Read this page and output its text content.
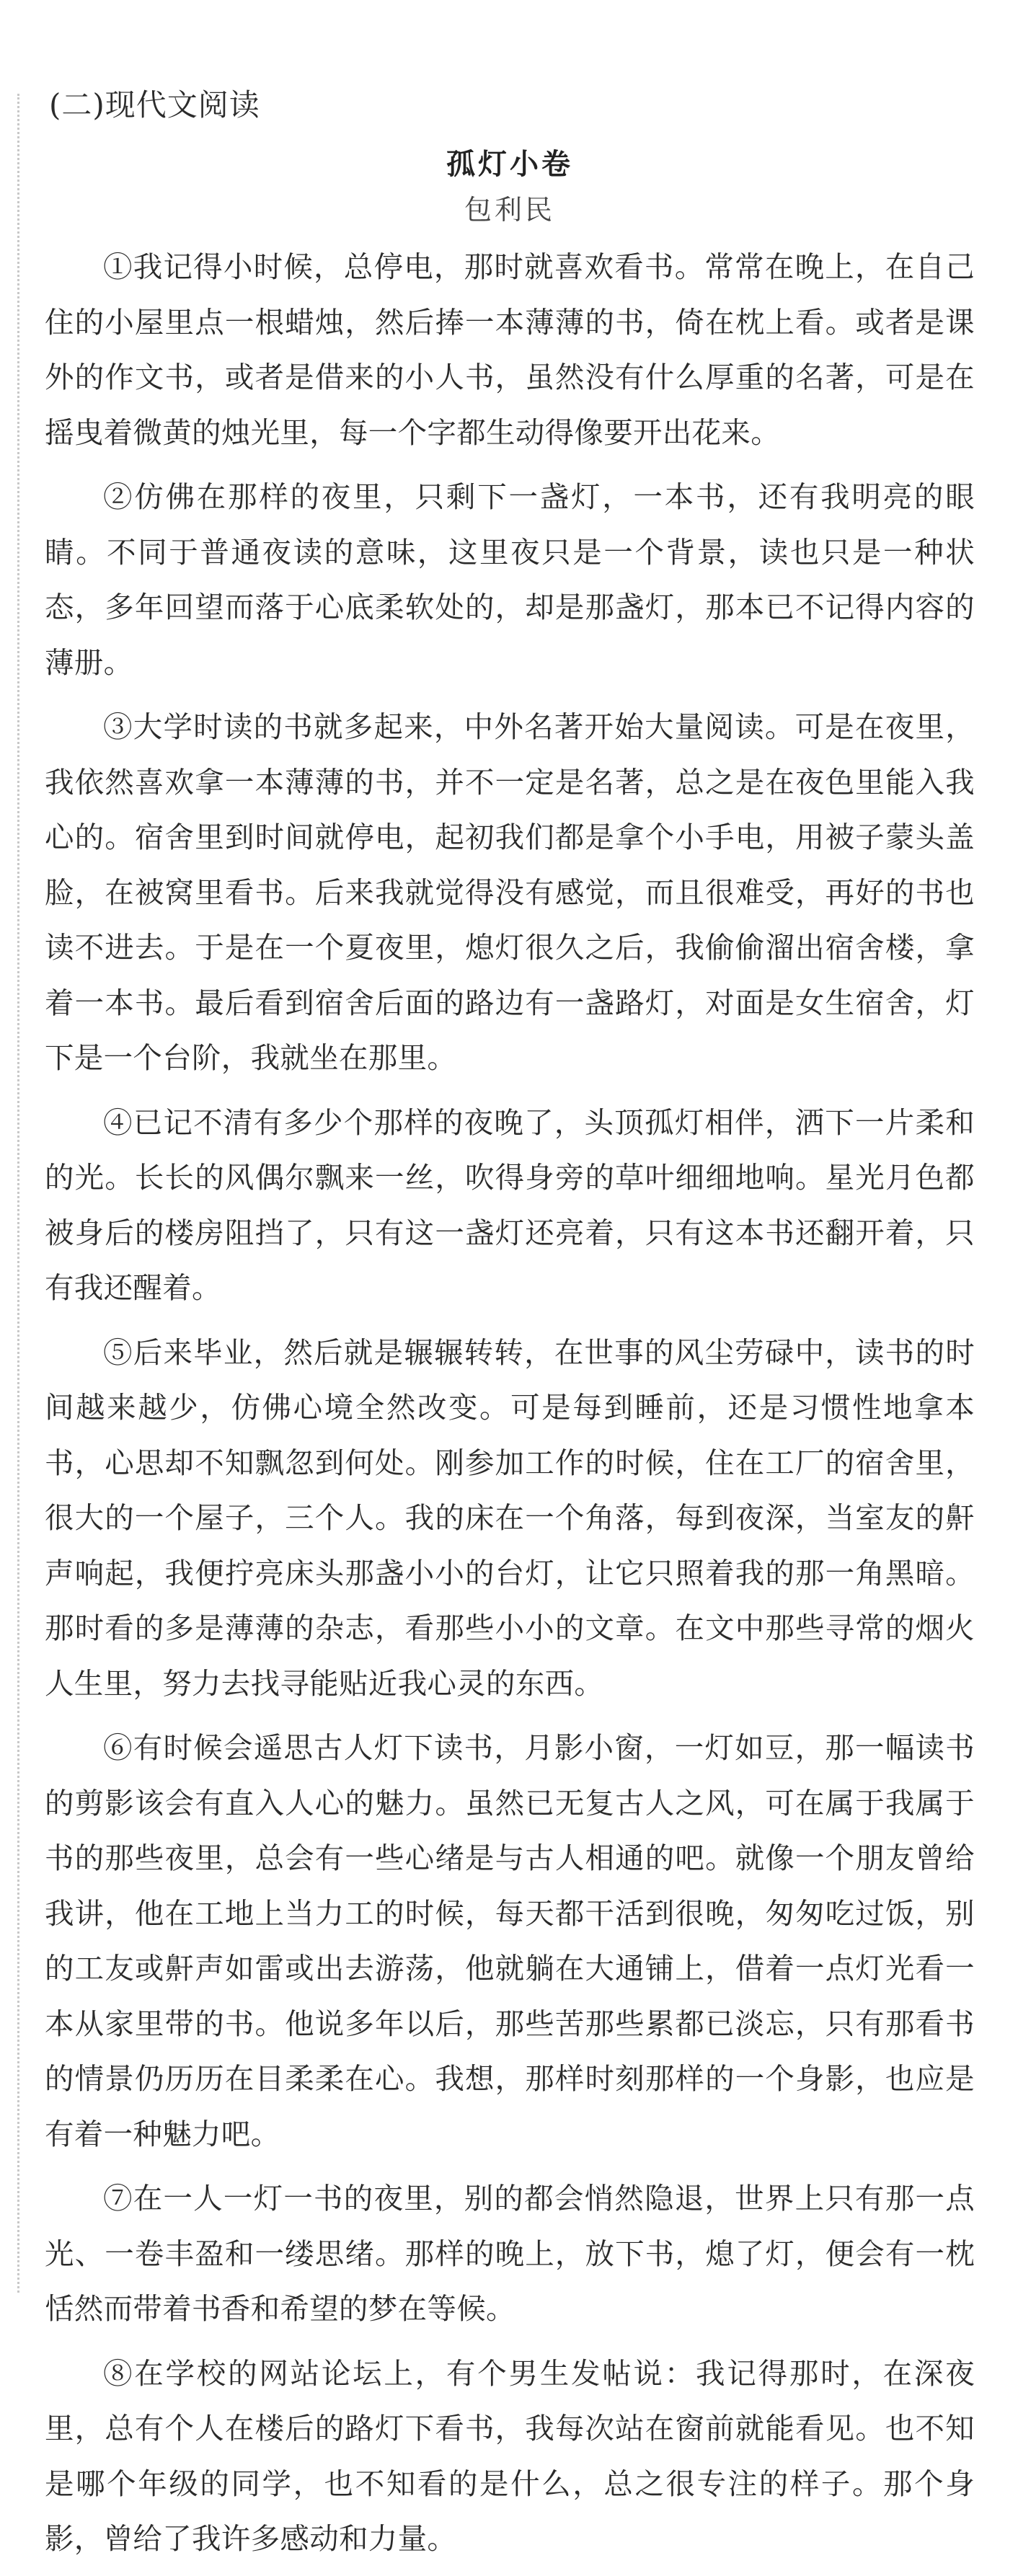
(二)现代文阅读
孤灯小卷
包利民

①我记得小时候，总停电，那时就喜欢看书。常常在晚上，在自己住的小屋里点一根蜡烛，然后捧一本薄薄的书，倚在枕上看。或者是课外的作文书，或者是借来的小人书，虽然没有什么厚重的名著，可是在摇曳着微黄的烛光里，每一个字都生动得像要开出花来。

②仿佛在那样的夜里，只剩下一盏灯，一本书，还有我明亮的眼睛。不同于普通夜读的意味，这里夜只是一个背景，读也只是一种状态，多年回望而落于心底柔软处的，却是那盏灯，那本已不记得内容的薄册。

③大学时读的书就多起来，中外名著开始大量阅读。可是在夜里，我依然喜欢拿一本薄薄的书，并不一定是名著，总之是在夜色里能入我心的。宿舍里到时间就停电，起初我们都是拿个小手电，用被子蒙头盖脸，在被窝里看书。后来我就觉得没有感觉，而且很难受，再好的书也读不进去。于是在一个夏夜里，熄灯很久之后，我偷偷溜出宿舍楼，拿着一本书。最后看到宿舍后面的路边有一盏路灯，对面是女生宿舍，灯下是一个台阶，我就坐在那里。

④已记不清有多少个那样的夜晚了，头顶孤灯相伴，洒下一片柔和的光。长长的风偶尔飘来一丝，吹得身旁的草叶细细地响。星光月色都被身后的楼房阻挡了，只有这一盏灯还亮着，只有这本书还翻开着，只有我还醒着。

⑤后来毕业，然后就是辗辗转转，在世事的风尘劳碌中，读书的时间越来越少，仿佛心境全然改变。可是每到睡前，还是习惯性地拿本书，心思却不知飘忽到何处。刚参加工作的时候，住在工厂的宿舍里，很大的一个屋子，三个人。我的床在一个角落，每到夜深，当室友的鼾声响起，我便拧亮床头那盏小小的台灯，让它只照着我的那一角黑暗。那时看的多是薄薄的杂志，看那些小小的文章。在文中那些寻常的烟火人生里，努力去找寻能贴近我心灵的东西。

⑥有时候会遥思古人灯下读书，月影小窗，一灯如豆，那一幅读书的剪影该会有直入人心的魅力。虽然已无复古人之风，可在属于我属于书的那些夜里，总会有一些心绪是与古人相通的吧。就像一个朋友曾给我讲，他在工地上当力工的时候，每天都干活到很晚，匆匆吃过饭，别的工友或鼾声如雷或出去游荡，他就躺在大通铺上，借着一点灯光看一本从家里带的书。他说多年以后，那些苦那些累都已淡忘，只有那看书的情景仍历历在目柔柔在心。我想，那样时刻那样的一个身影，也应是有着一种魅力吧。

⑦在一人一灯一书的夜里，别的都会悄然隐退，世界上只有那一点光、一卷丰盈和一缕思绪。那样的晚上，放下书，熄了灯，便会有一枕恬然而带着书香和希望的梦在等候。

⑧在学校的网站论坛上，有个男生发帖说：我记得那时，在深夜里，总有个人在楼后的路灯下看书，我每次站在窗前就能看见。也不知是哪个年级的同学，也不知看的是什么，总之很专注的样子。那个身影，曾给了我许多感动和力量。
